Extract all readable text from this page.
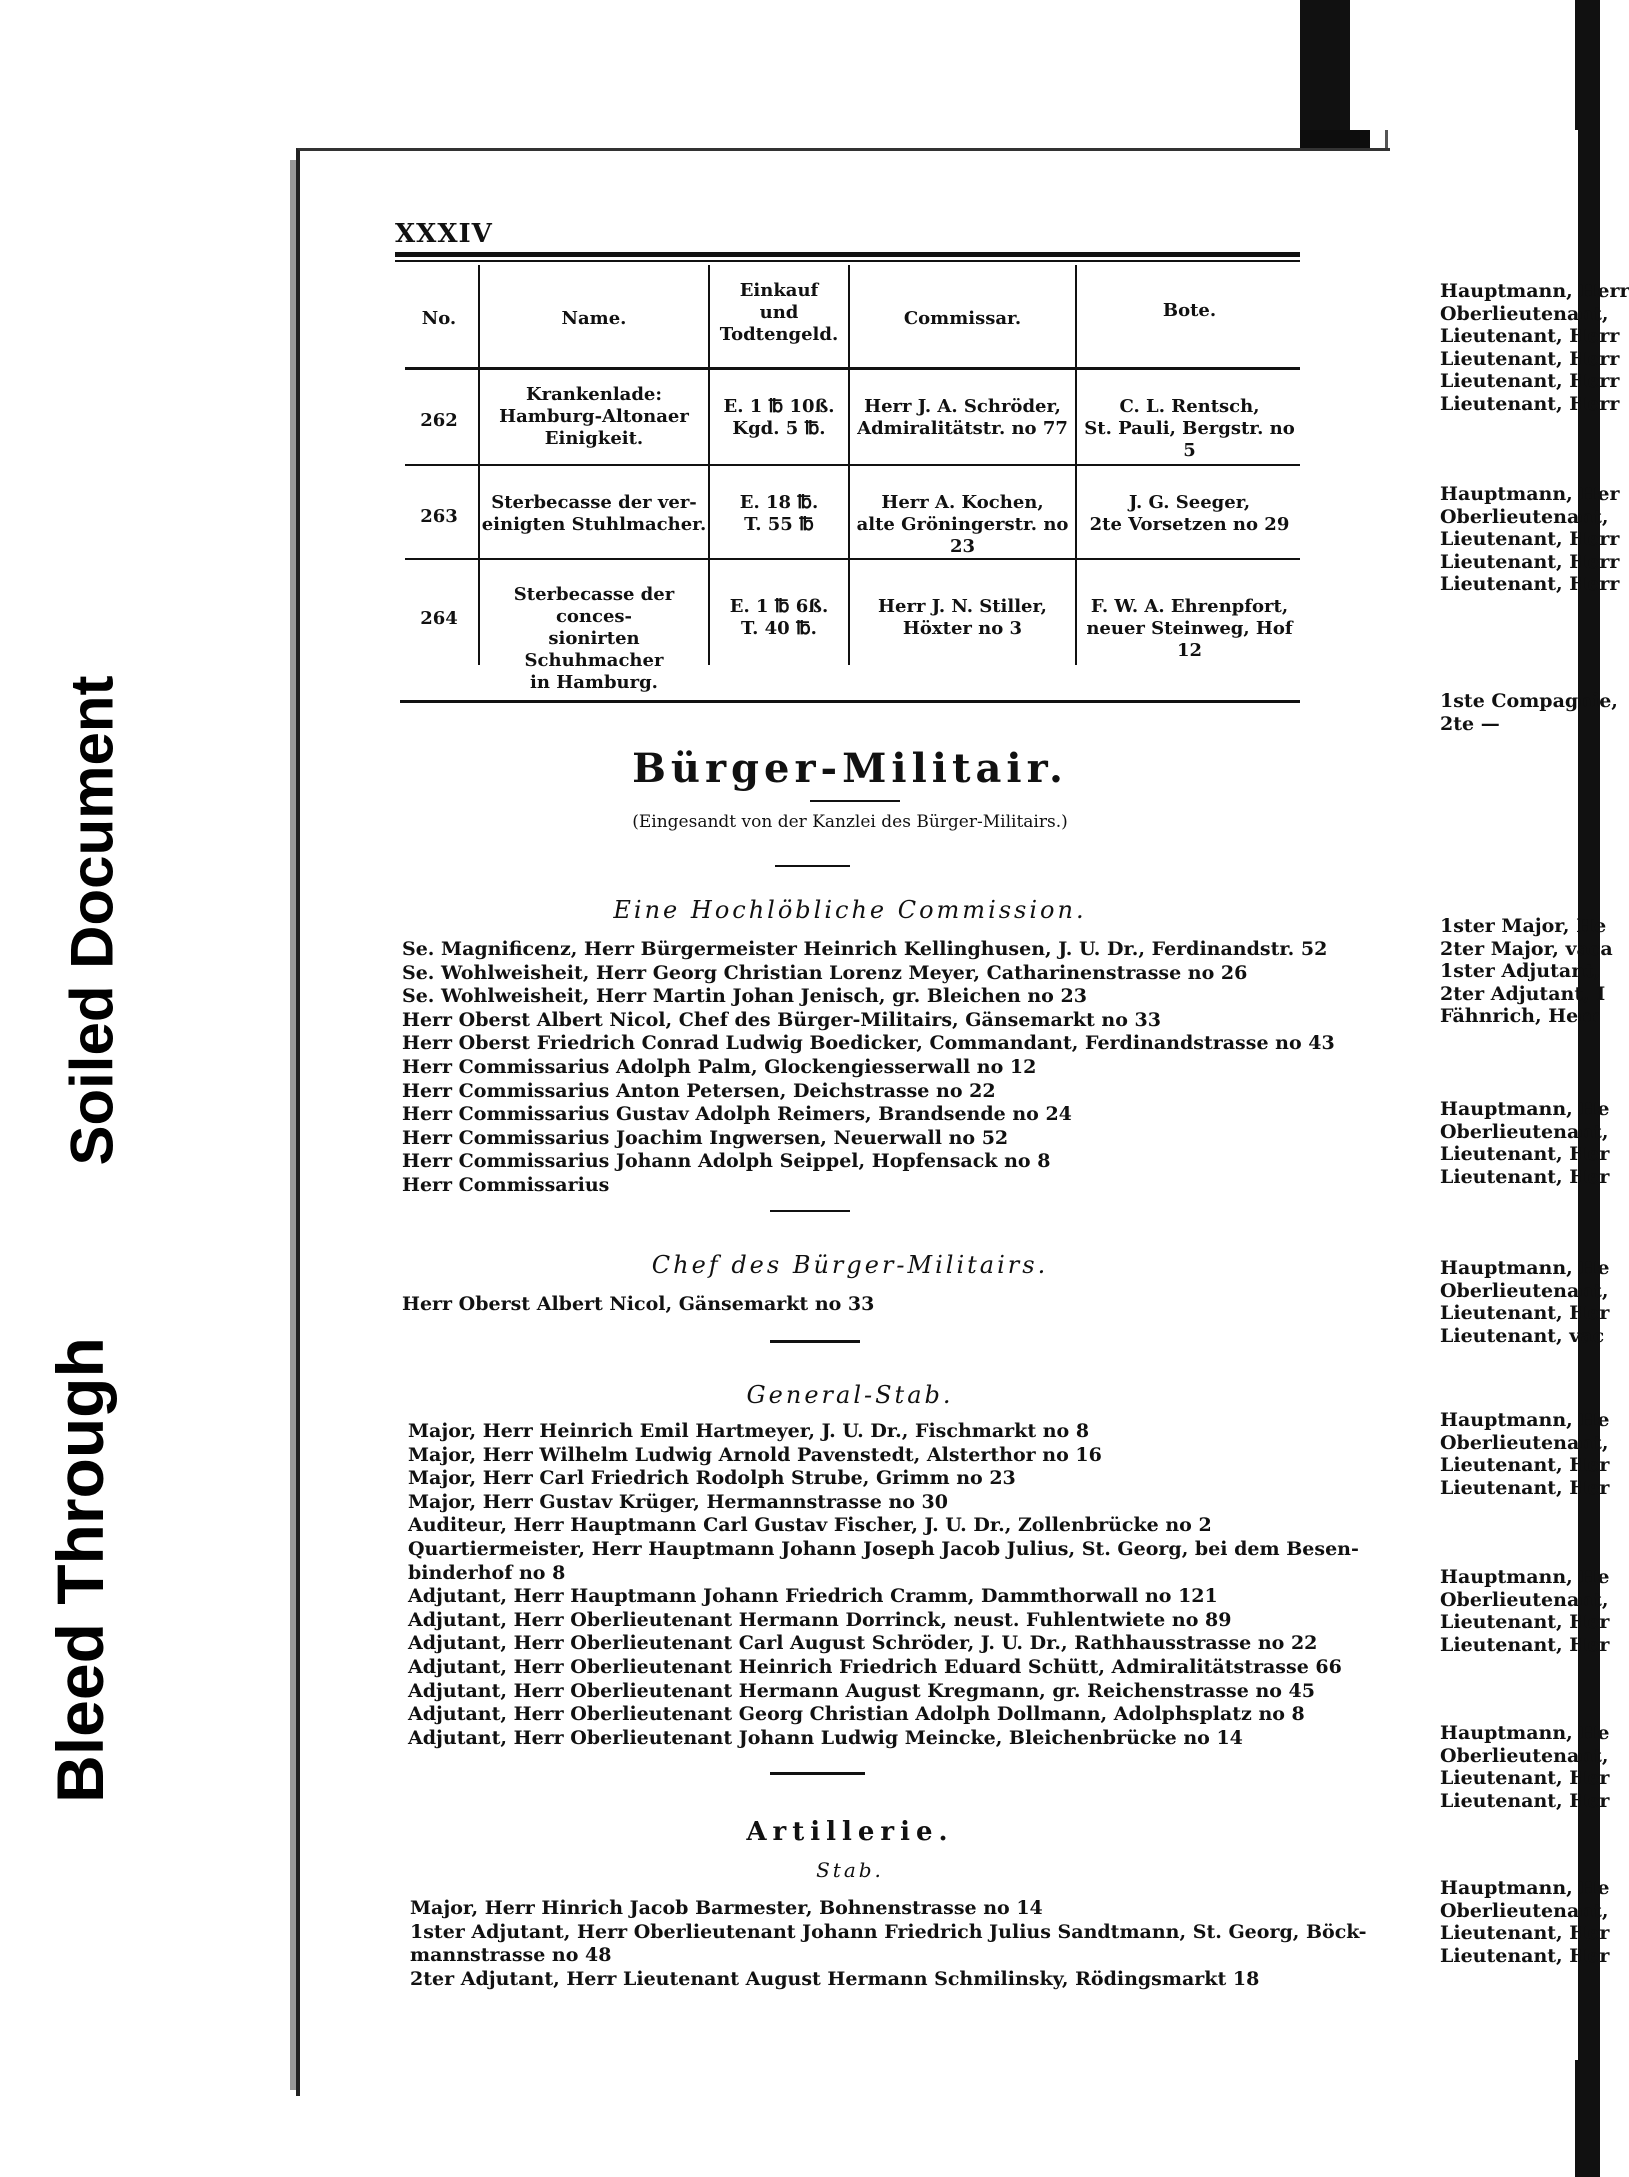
Soiled Document
Bleed Through
XXXIV
No.	Name.
Einkauf
und
Todtengeld.
Commissar.	Bote.
262
Krankenlade:
Hamburg-Altonaer
Einigkeit.
E. 1 ℔ 10ß.
Kgd. 5 ℔.
Herr J. A. Schröder,
Admiralitätstr. no 77
C. L. Rentsch,
St. Pauli, Bergstr. no 5
263
Sterbecasse der ver-
einigten Stuhlmacher.
E. 18 ℔.
T. 55 ℔
Herr A. Kochen,
alte Gröningerstr. no 23
J. G. Seeger,
2te Vorsetzen no 29
264
Sterbecasse der conces-
sionirten Schuhmacher
in Hamburg.
E. 1 ℔ 6ß.
T. 40 ℔.
Herr J. N. Stiller,
Höxter no 3
F. W. A. Ehrenpfort,
neuer Steinweg, Hof 12
Bürger-Militair.
(Eingesandt von der Kanzlei des Bürger-Militairs.)
Eine Hochlöbliche Commission.
Se. Magnificenz, Herr Bürgermeister Heinrich Kellinghusen, J. U. Dr., Ferdinandstr. 52
Se. Wohlweisheit, Herr Georg Christian Lorenz Meyer, Catharinenstrasse no 26
Se. Wohlweisheit, Herr Martin Johan Jenisch, gr. Bleichen no 23
Herr Oberst Albert Nicol, Chef des Bürger-Militairs, Gänsemarkt no 33
Herr Oberst Friedrich Conrad Ludwig Boedicker, Commandant, Ferdinandstrasse no 43
Herr Commissarius Adolph Palm, Glockengiesserwall no 12
Herr Commissarius Anton Petersen, Deichstrasse no 22
Herr Commissarius Gustav Adolph Reimers, Brandsende no 24
Herr Commissarius Joachim Ingwersen, Neuerwall no 52
Herr Commissarius Johann Adolph Seippel, Hopfensack no 8
Herr Commissarius
Chef des Bürger-Militairs.
Herr Oberst Albert Nicol, Gänsemarkt no 33
General-Stab.
Major, Herr Heinrich Emil Hartmeyer, J. U. Dr., Fischmarkt no 8
Major, Herr Wilhelm Ludwig Arnold Pavenstedt, Alsterthor no 16
Major, Herr Carl Friedrich Rodolph Strube, Grimm no 23
Major, Herr Gustav Krüger, Hermannstrasse no 30
Auditeur, Herr Hauptmann Carl Gustav Fischer, J. U. Dr., Zollenbrücke no 2
Quartiermeister, Herr Hauptmann Johann Joseph Jacob Julius, St. Georg, bei dem Besen-
binderhof no 8
Adjutant, Herr Hauptmann Johann Friedrich Cramm, Dammthorwall no 121
Adjutant, Herr Oberlieutenant Hermann Dorrinck, neust. Fuhlentwiete no 89
Adjutant, Herr Oberlieutenant Carl August Schröder, J. U. Dr., Rathhausstrasse no 22
Adjutant, Herr Oberlieutenant Heinrich Friedrich Eduard Schütt, Admiralitätstrasse 66
Adjutant, Herr Oberlieutenant Hermann August Kregmann, gr. Reichenstrasse no 45
Adjutant, Herr Oberlieutenant Georg Christian Adolph Dollmann, Adolphsplatz no 8
Adjutant, Herr Oberlieutenant Johann Ludwig Meincke, Bleichenbrücke no 14
Artillerie.
Stab.
Major, Herr Hinrich Jacob Barmester, Bohnenstrasse no 14
1ster Adjutant, Herr Oberlieutenant Johann Friedrich Julius Sandtmann, St. Georg, Böck-
mannstrasse no 48
2ter Adjutant, Herr Lieutenant August Hermann Schmilinsky, Rödingsmarkt 18
Hauptmann, Herr
Oberlieutenant,
Lieutenant, Herr
Lieutenant, Herr
Lieutenant, Herr
Lieutenant, Herr
Hauptmann, Her
Oberlieutenant,
Lieutenant, Herr
Lieutenant, Herr
Lieutenant, Herr
1ste Compagnie,
2te —
1ster Major, He
2ter Major, vaca
1ster Adjutant,
2ter Adjutant, I
Fähnrich, Herr
Hauptmann, He
Oberlieutenant,
Lieutenant, Her
Lieutenant, Her
Hauptmann, He
Oberlieutenant,
Lieutenant, Her
Lieutenant, vac
Hauptmann, He
Oberlieutenant,
Lieutenant, Her
Lieutenant, Her
Hauptmann, He
Oberlieutenant,
Lieutenant, Her
Lieutenant, Her
Hauptmann, He
Oberlieutenant,
Lieutenant, Her
Lieutenant, Her
Hauptmann, He
Oberlieutenant,
Lieutenant, Her
Lieutenant, Her
